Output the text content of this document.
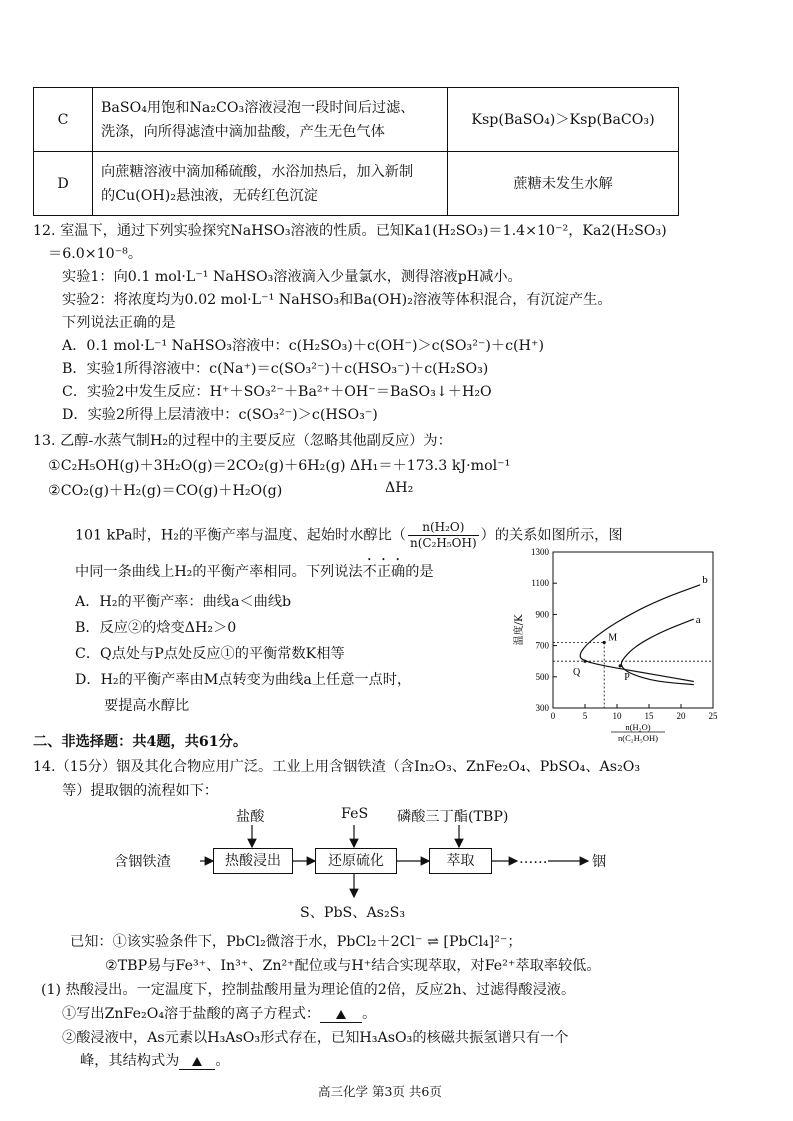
C	BaSO₄用饱和Na₂CO₃溶液浸泡一段时间后过滤、
洗涤，向所得滤渣中滴加盐酸，产生无色气体	Ksp(BaSO₄)＞Ksp(BaCO₃)
D	向蔗糖溶液中滴加稀硫酸，水浴加热后，加入新制
的Cu(OH)₂悬浊液，无砖红色沉淀	蔗糖未发生水解
12. 室温下，通过下列实验探究NaHSO₃溶液的性质。已知Ka1(H₂SO₃)＝1.4×10⁻²，Ka2(H₂SO₃)
＝6.0×10⁻⁸。
实验1：向0.1 mol·L⁻¹ NaHSO₃溶液滴入少量氯水，测得溶液pH减小。
实验2：将浓度均为0.02 mol·L⁻¹ NaHSO₃和Ba(OH)₂溶液等体积混合，有沉淀产生。
下列说法正确的是
A．0.1 mol·L⁻¹ NaHSO₃溶液中：c(H₂SO₃)＋c(OH⁻)＞c(SO₃²⁻)＋c(H⁺)
B．实验1所得溶液中：c(Na⁺)＝c(SO₃²⁻)＋c(HSO₃⁻)＋c(H₂SO₃)
C．实验2中发生反应：H⁺＋SO₃²⁻＋Ba²⁺＋OH⁻＝BaSO₃↓＋H₂O
D．实验2所得上层清液中：c(SO₃²⁻)＞c(HSO₃⁻)
13. 乙醇-水蒸气制H₂的过程中的主要反应（忽略其他副反应）为：
①C₂H₅OH(g)＋3H₂O(g)＝2CO₂(g)＋6H₂(g) ΔH₁＝＋173.3 kJ·mol⁻¹
②CO₂(g)＋H₂(g)＝CO(g)＋H₂O(g)	ΔH₂
101 kPa时，H₂的平衡产率与温度、起始时水醇比（ $\frac{\text{n(H₂O)}}{\text{n(C₂H₅OH)}}$ ）的关系如图所示，图
中同一条曲线上H₂的平衡产率相同。下列说法不正确的是
A．H₂的平衡产率：曲线a＜曲线b
B．反应②的焓变ΔH₂＞0
C．Q点处与P点处反应①的平衡常数K相等
D．H₂的平衡产率由M点转变为曲线a上任意一点时，
要提高水醇比	300
500
700
900
1100
1300
0	5	10	15	20	25
b
a
M
Q	P
温度/K
n(H₂O)
n(C₂H₅OH)
二、非选择题：共4题，共61分。
14.（15分）铟及其化合物应用广泛。工业上用含铟铁渣（含In₂O₃、ZnFe₂O₄、PbSO₄、As₂O₃
等）提取铟的流程如下：
盐酸	FeS 磷酸三丁酯(TBP)
含铟铁渣	热酸浸出	还原硫化	萃取	……	铟
S、PbS、As₂S₃
已知：①该实验条件下，PbCl₂微溶于水，PbCl₂＋2Cl⁻ ⇌ [PbCl₄]²⁻；
②TBP易与Fe³⁺、In³⁺、Zn²⁺配位或与H⁺结合实现萃取，对Fe²⁺萃取率较低。
(1) 热酸浸出。一定温度下，控制盐酸用量为理论值的2倍，反应2h、过滤得酸浸液。
①写出ZnFe₂O₄溶于盐酸的离子方程式：	。
②酸浸液中，As元素以H₃AsO₃形式存在，已知H₃AsO₃的核磁共振氢谱只有一个
峰，其结构式为	。
高三化学 第3页 共6页
